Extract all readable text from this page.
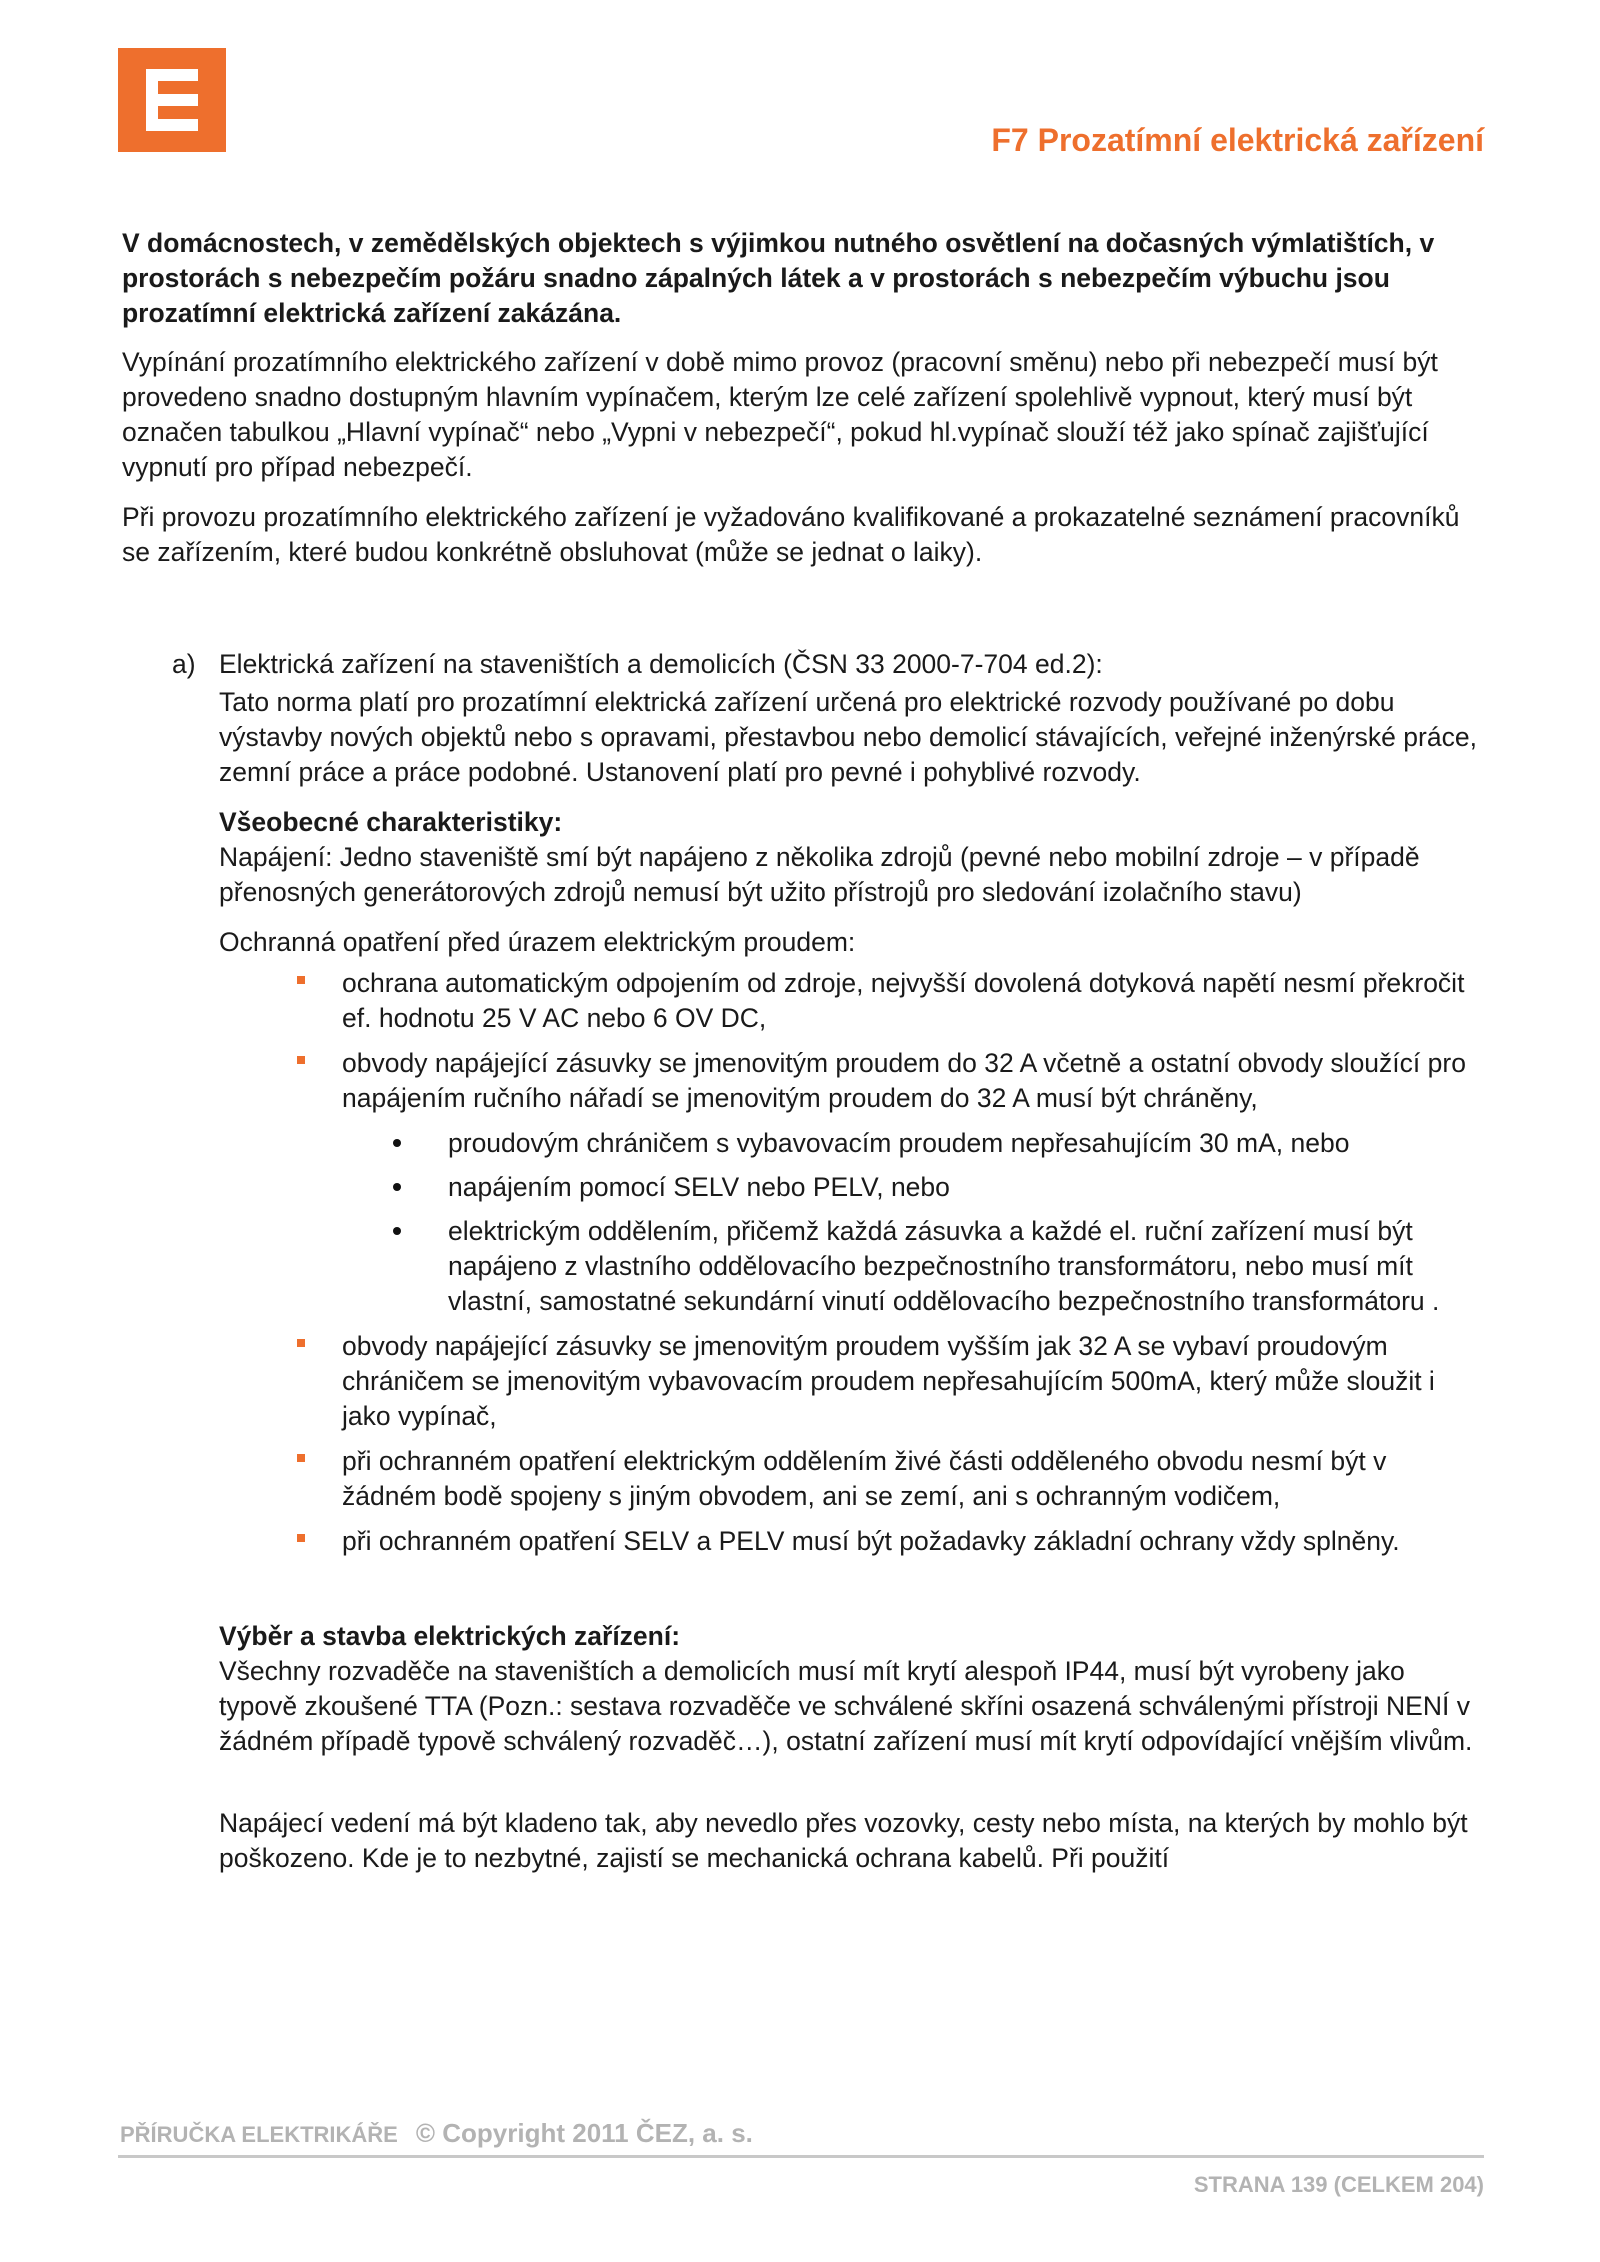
F7 Prozatímní elektrická zařízení

V domácnostech, v zemědělských objektech s výjimkou nutného osvětlení na dočasných výmlatištích, v prostorách s nebezpečím požáru snadno zápalných látek a v prostorách s nebezpečím výbuchu jsou prozatímní elektrická zařízení zakázána.

Vypínání prozatímního elektrického zařízení v době mimo provoz (pracovní směnu) nebo při nebezpečí musí být provedeno snadno dostupným hlavním vypínačem, kterým lze celé zařízení spolehlivě vypnout, který musí být označen tabulkou „Hlavní vypínač“ nebo „Vypni v nebezpečí“, pokud hl.vypínač slouží též jako spínač zajišťující vypnutí pro případ nebezpečí.

Při provozu prozatímního elektrického zařízení je vyžadováno kvalifikované a prokazatelné seznámení pracovníků se zařízením, které budou konkrétně obsluhovat (může se jednat o laiky).

a) Elektrická zařízení na staveništích a demolicích (ČSN 33 2000-7-704 ed.2):

Tato norma platí pro prozatímní elektrická zařízení určená pro elektrické rozvody používané po dobu výstavby nových objektů nebo s opravami, přestavbou nebo demolicí stávajících, veřejné inženýrské práce, zemní práce a práce podobné. Ustanovení platí pro pevné i pohyblivé rozvody.

Všeobecné charakteristiky:

Napájení: Jedno staveniště smí být napájeno z několika zdrojů (pevné nebo mobilní zdroje – v případě přenosných generátorových zdrojů nemusí být užito přístrojů pro sledování izolačního stavu)

Ochranná opatření před úrazem elektrickým proudem:

ochrana automatickým odpojením od zdroje, nejvyšší dovolená dotyková napětí nesmí překročit ef. hodnotu 25 V AC nebo 6 OV DC,
obvody napájející zásuvky se jmenovitým proudem do 32 A včetně a ostatní obvody sloužící pro napájením ručního nářadí se jmenovitým proudem do 32 A musí být chráněny,
proudovým chráničem s vybavovacím proudem nepřesahujícím 30 mA, nebo
napájením pomocí SELV nebo PELV, nebo
elektrickým oddělením, přičemž každá zásuvka a každé el. ruční zařízení musí být napájeno z vlastního oddělovacího bezpečnostního transformátoru, nebo musí mít vlastní, samostatné sekundární vinutí oddělovacího bezpečnostního transformátoru .
obvody napájející zásuvky se jmenovitým proudem vyšším jak 32 A se vybaví proudovým chráničem se jmenovitým vybavovacím proudem nepřesahujícím 500mA, který může sloužit i jako vypínač,
při ochranném opatření elektrickým oddělením živé části odděleného obvodu nesmí být v žádném bodě spojeny s jiným obvodem, ani se zemí, ani s ochranným vodičem,
při ochranném opatření SELV a PELV musí být požadavky základní ochrany vždy splněny.

Výběr a stavba elektrických zařízení:

Všechny rozvaděče na staveništích a demolicích musí mít krytí alespoň IP44, musí být vyrobeny jako typově zkoušené TTA (Pozn.: sestava rozvaděče ve schválené skříni osazená schválenými přístroji NENÍ v žádném případě typově schválený rozvaděč…), ostatní zařízení musí mít krytí odpovídající vnějším vlivům.

Napájecí vedení má být kladeno tak, aby nevedlo přes vozovky, cesty nebo místa, na kterých by mohlo být poškozeno. Kde je to nezbytné, zajistí se mechanická ochrana kabelů. Při použití

PŘÍRUČKA ELEKTRIKÁŘE © Copyright 2011 ČEZ, a. s.
STRANA 139 (CELKEM 204)
